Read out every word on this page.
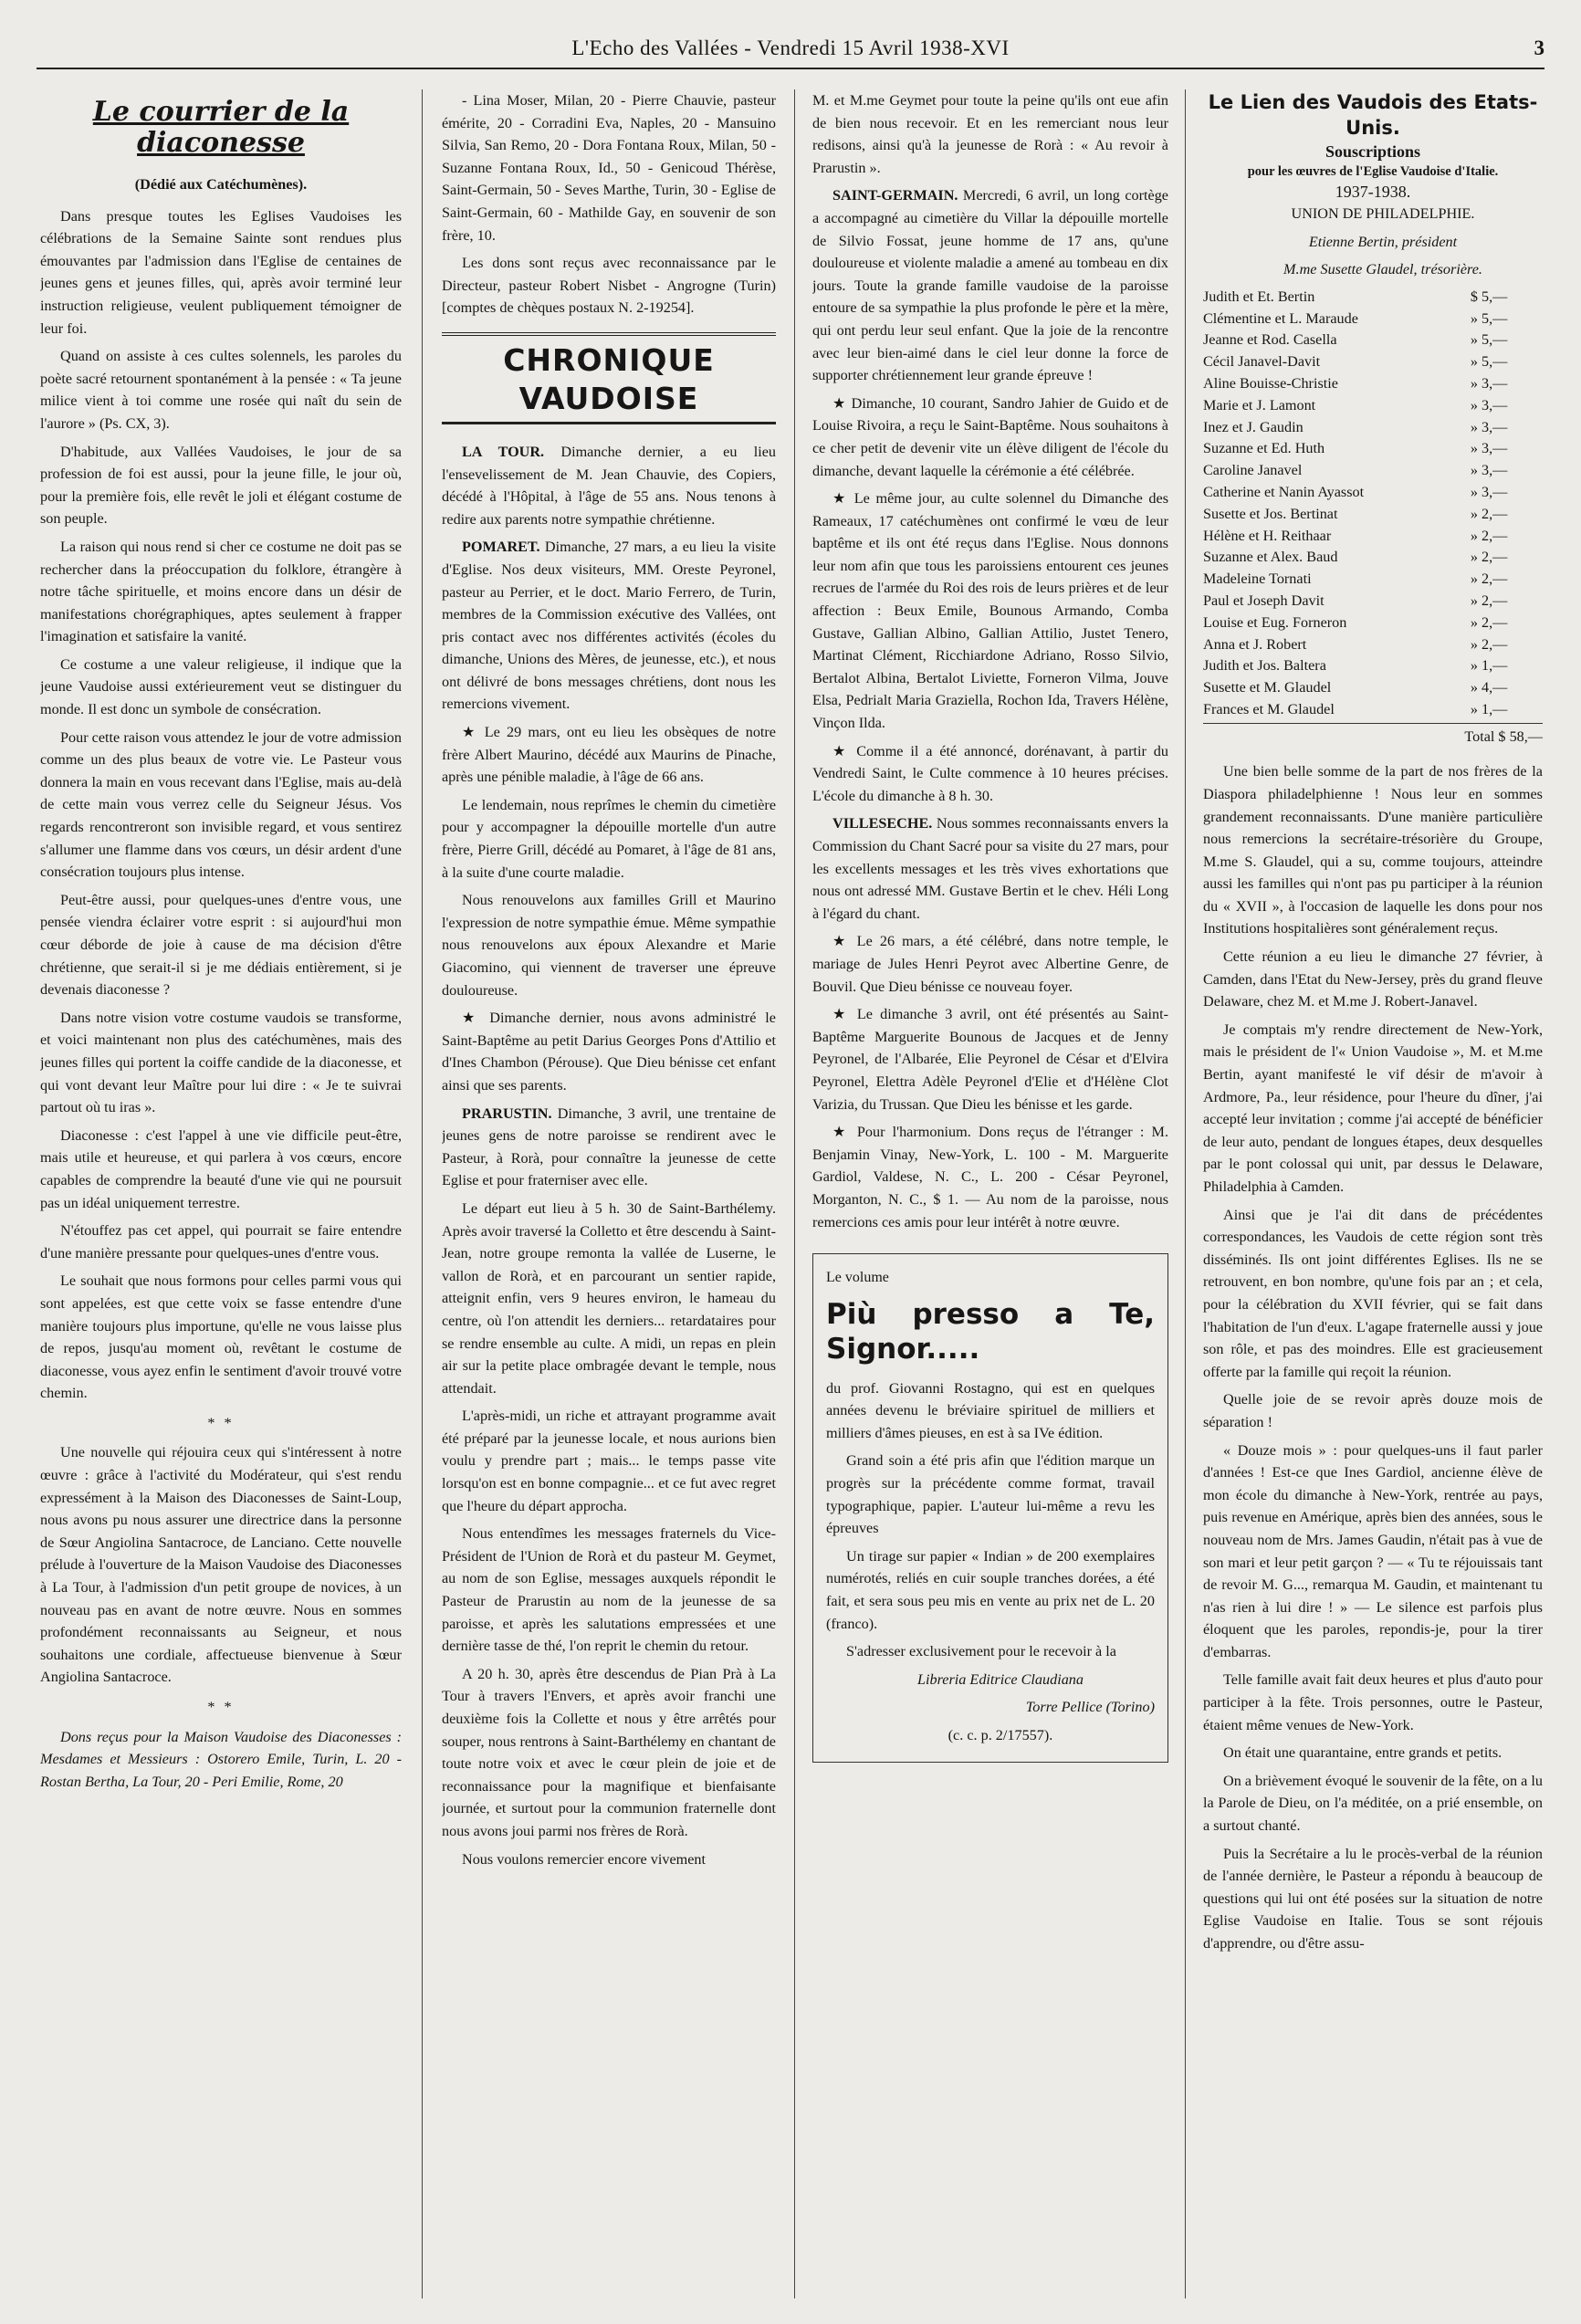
L'Echo des Vallées - Vendredi 15 Avril 1938-XVI	3
Le courrier de la diaconesse
(Dédié aux Catéchumènes).

Dans presque toutes les Eglises Vaudoises les célébrations de la Semaine Sainte sont rendues plus émouvantes par l'admission dans l'Eglise de centaines de jeunes gens et jeunes filles, qui, après avoir terminé leur instruction religieuse, veulent publiquement témoigner de leur foi.

Quand on assiste à ces cultes solennels, les paroles du poète sacré retournent spontanément à la pensée : « Ta jeune milice vient à toi comme une rosée qui naît du sein de l'aurore » (Ps. CX, 3).

D'habitude, aux Vallées Vaudoises, le jour de sa profession de foi est aussi, pour la jeune fille, le jour où, pour la première fois, elle revêt le joli et élégant costume de son peuple.

La raison qui nous rend si cher ce costume ne doit pas se rechercher dans la préoccupation du folklore, étrangère à notre tâche spirituelle, et moins encore dans un désir de manifestations chorégraphiques, aptes seulement à frapper l'imagination et satisfaire la vanité.

Ce costume a une valeur religieuse, il indique que la jeune Vaudoise aussi extérieurement veut se distinguer du monde. Il est donc un symbole de consécration.

Pour cette raison vous attendez le jour de votre admission comme un des plus beaux de votre vie. Le Pasteur vous donnera la main en vous recevant dans l'Eglise, mais au-delà de cette main vous verrez celle du Seigneur Jésus. Vos regards rencontreront son invisible regard, et vous sentirez s'allumer une flamme dans vos cœurs, un désir ardent d'une consécration toujours plus intense.

Peut-être aussi, pour quelques-unes d'entre vous, une pensée viendra éclairer votre esprit : si aujourd'hui mon cœur déborde de joie à cause de ma décision d'être chrétienne, que serait-il si je me dédiais entièrement, si je devenais diaconesse ?

Dans notre vision votre costume vaudois se transforme, et voici maintenant non plus des catéchumènes, mais des jeunes filles qui portent la coiffe candide de la diaconesse, et qui vont devant leur Maître pour lui dire : « Je te suivrai partout où tu iras ».

Diaconesse : c'est l'appel à une vie difficile peut-être, mais utile et heureuse, et qui parlera à vos cœurs, encore capables de comprendre la beauté d'une vie qui ne poursuit pas un idéal uniquement terrestre.

N'étouffez pas cet appel, qui pourrait se faire entendre d'une manière pressante pour quelques-unes d'entre vous.

Le souhait que nous formons pour celles parmi vous qui sont appelées, est que cette voix se fasse entendre d'une manière toujours plus importune, qu'elle ne vous laisse plus de repos, jusqu'au moment où, revêtant le costume de diaconesse, vous ayez enfin le sentiment d'avoir trouvé votre chemin.

* *

Une nouvelle qui réjouira ceux qui s'intéressent à notre œuvre : grâce à l'activité du Modérateur, qui s'est rendu expressément à la Maison des Diaconesses de Saint-Loup, nous avons pu nous assurer une directrice dans la personne de Sœur Angiolina Santacroce, de Lanciano. Cette nouvelle prélude à l'ouverture de la Maison Vaudoise des Diaconesses à La Tour, à l'admission d'un petit groupe de novices, à un nouveau pas en avant de notre œuvre. Nous en sommes profondément reconnaissants au Seigneur, et nous souhaitons une cordiale, affectueuse bienvenue à Sœur Angiolina Santacroce.

* *

Dons reçus pour la Maison Vaudoise des Diaconesses : Mesdames et Messieurs : Ostorero Emile, Turin, L. 20 - Rostan Bertha, La Tour, 20 - Peri Emilie, Rome, 20

- Lina Moser, Milan, 20 - Pierre Chauvie, pasteur émérite, 20 - Corradini Eva, Naples, 20 - Mansuino Silvia, San Remo, 20 - Dora Fontana Roux, Milan, 50 - Suzanne Fontana Roux, Id., 50 - Genicoud Thérèse, Saint-Germain, 50 - Seves Marthe, Turin, 30 - Eglise de Saint-Germain, 60 - Mathilde Gay, en souvenir de son frère, 10.

Les dons sont reçus avec reconnaissance par le Directeur, pasteur Robert Nisbet - Angrogne (Turin) [comptes de chèques postaux N. 2-19254].

CHRONIQUE VAUDOISE

LA TOUR. Dimanche dernier, a eu lieu l'ensevelissement de M. Jean Chauvie, des Copiers, décédé à l'Hôpital, à l'âge de 55 ans. Nous tenons à redire aux parents notre sympathie chrétienne.

POMARET. Dimanche, 27 mars, a eu lieu la visite d'Eglise. Nos deux visiteurs, MM. Oreste Peyronel, pasteur au Perrier, et le doct. Mario Ferrero, de Turin, membres de la Commission exécutive des Vallées, ont pris contact avec nos différentes activités (écoles du dimanche, Unions des Mères, de jeunesse, etc.), et nous ont délivré de bons messages chrétiens, dont nous les remercions vivement.

★ Le 29 mars, ont eu lieu les obsèques de notre frère Albert Maurino, décédé aux Maurins de Pinache, après une pénible maladie, à l'âge de 66 ans.

Le lendemain, nous reprîmes le chemin du cimetière pour y accompagner la dépouille mortelle d'un autre frère, Pierre Grill, décédé au Pomaret, à l'âge de 81 ans, à la suite d'une courte maladie.

Nous renouvelons aux familles Grill et Maurino l'expression de notre sympathie émue. Même sympathie nous renouvelons aux époux Alexandre et Marie Giacomino, qui viennent de traverser une épreuve douloureuse.

★ Dimanche dernier, nous avons administré le Saint-Baptême au petit Darius Georges Pons d'Attilio et d'Ines Chambon (Pérouse). Que Dieu bénisse cet enfant ainsi que ses parents.

PRARUSTIN. Dimanche, 3 avril, une trentaine de jeunes gens de notre paroisse se rendirent avec le Pasteur, à Rorà, pour connaître la jeunesse de cette Eglise et pour fraterniser avec elle.

Le départ eut lieu à 5 h. 30 de Saint-Barthélemy. Après avoir traversé la Colletto et être descendu à Saint-Jean, notre groupe remonta la vallée de Luserne, le vallon de Rorà, et en parcourant un sentier rapide, atteignit enfin, vers 9 heures environ, le hameau du centre, où l'on attendit les derniers... retardataires pour se rendre ensemble au culte. A midi, un repas en plein air sur la petite place ombragée devant le temple, nous attendait.

L'après-midi, un riche et attrayant programme avait été préparé par la jeunesse locale, et nous aurions bien voulu y prendre part ; mais... le temps passe vite lorsqu'on est en bonne compagnie... et ce fut avec regret que l'heure du départ approcha.

Nous entendîmes les messages fraternels du Vice-Président de l'Union de Rorà et du pasteur M. Geymet, au nom de son Eglise, messages auxquels répondit le Pasteur de Prarustin au nom de la jeunesse de sa paroisse, et après les salutations empressées et une dernière tasse de thé, l'on reprit le chemin du retour.

A 20 h. 30, après être descendus de Pian Prà à La Tour à travers l'Envers, et après avoir franchi une deuxième fois la Collette et nous y être arrêtés pour souper, nous rentrons à Saint-Barthélemy en chantant de toute notre voix et avec le cœur plein de joie et de reconnaissance pour la magnifique et bienfaisante journée, et surtout pour la communion fraternelle dont nous avons joui parmi nos frères de Rorà.

Nous voulons remercier encore vivement

M. et M.me Geymet pour toute la peine qu'ils ont eue afin de bien nous recevoir. Et en les remerciant nous leur redisons, ainsi qu'à la jeunesse de Rorà : « Au revoir à Prarustin ».

SAINT-GERMAIN. Mercredi, 6 avril, un long cortège a accompagné au cimetière du Villar la dépouille mortelle de Silvio Fossat, jeune homme de 17 ans, qu'une douloureuse et violente maladie a amené au tombeau en dix jours. Toute la grande famille vaudoise de la paroisse entoure de sa sympathie la plus profonde le père et la mère, qui ont perdu leur seul enfant. Que la joie de la rencontre avec leur bien-aimé dans le ciel leur donne la force de supporter chrétiennement leur grande épreuve !

★ Dimanche, 10 courant, Sandro Jahier de Guido et de Louise Rivoira, a reçu le Saint-Baptême. Nous souhaitons à ce cher petit de devenir vite un élève diligent de l'école du dimanche, devant laquelle la cérémonie a été célébrée.

★ Le même jour, au culte solennel du Dimanche des Rameaux, 17 catéchumènes ont confirmé le vœu de leur baptême et ils ont été reçus dans l'Eglise. Nous donnons leur nom afin que tous les paroissiens entourent ces jeunes recrues de l'armée du Roi des rois de leurs prières et de leur affection : Beux Emile, Bounous Armando, Comba Gustave, Gallian Albino, Gallian Attilio, Justet Tenero, Martinat Clément, Ricchiardone Adriano, Rosso Silvio, Bertalot Albina, Bertalot Liviette, Forneron Vilma, Jouve Elsa, Pedrialt Maria Graziella, Rochon Ida, Travers Hélène, Vinçon Ilda.

★ Comme il a été annoncé, dorénavant, à partir du Vendredi Saint, le Culte commence à 10 heures précises. L'école du dimanche à 8 h. 30.

VILLESECHE. Nous sommes reconnaissants envers la Commission du Chant Sacré pour sa visite du 27 mars, pour les excellents messages et les très vives exhortations que nous ont adressé MM. Gustave Bertin et le chev. Héli Long à l'égard du chant.

★ Le 26 mars, a été célébré, dans notre temple, le mariage de Jules Henri Peyrot avec Albertine Genre, de Bouvil. Que Dieu bénisse ce nouveau foyer.

★ Le dimanche 3 avril, ont été présentés au Saint-Baptême Marguerite Bounous de Jacques et de Jenny Peyronel, de l'Albarée, Elie Peyronel de César et d'Elvira Peyronel, Elettra Adèle Peyronel d'Elie et d'Hélène Clot Varizia, du Trussan. Que Dieu les bénisse et les garde.

★ Pour l'harmonium. Dons reçus de l'étranger : M. Benjamin Vinay, New-York, L. 100 - M. Marguerite Gardiol, Valdese, N. C., L. 200 - César Peyronel, Morganton, N. C., $ 1. — Au nom de la paroisse, nous remercions ces amis pour leur intérêt à notre œuvre.

Le volume
Più presso a Te, Signor.....

du prof. Giovanni Rostagno, qui est en quelques années devenu le bréviaire spirituel de milliers et milliers d'âmes pieuses, en est à sa IVe édition.

Grand soin a été pris afin que l'édition marque un progrès sur la précédente comme format, travail typographique, papier. L'auteur lui-même a revu les épreuves

Un tirage sur papier « Indian » de 200 exemplaires numérotés, reliés en cuir souple tranches dorées, a été fait, et sera sous peu mis en vente au prix net de L. 20 (franco).

S'adresser exclusivement pour le recevoir à la

Libreria Editrice Claudiana

Torre Pellice (Torino)

(c. c. p. 2/17557).

Le Lien des Vaudois des Etats-Unis.
Souscriptions
pour les œuvres de l'Eglise Vaudoise d'Italie.
1937-1938.

UNION DE PHILADELPHIE.

Etienne Bertin, président

M.me Susette Glaudel, trésorière.

Judith et Et. Bertin	$	5,—
Clémentine et L. Maraude	»	5,—
Jeanne et Rod. Casella	»	5,—
Cécil Janavel-Davit	»	5,—
Aline Bouisse-Christie	»	3,—
Marie et J. Lamont	»	3,—
Inez et J. Gaudin	»	3,—
Suzanne et Ed. Huth	»	3,—
Caroline Janavel	»	3,—
Catherine et Nanin Ayassot	»	3,—
Susette et Jos. Bertinat	»	2,—
Hélène et H. Reithaar	»	2,—
Suzanne et Alex. Baud	»	2,—
Madeleine Tornati	»	2,—
Paul et Joseph Davit	»	2,—
Louise et Eug. Forneron	»	2,—
Anna et J. Robert	»	2,—
Judith et Jos. Baltera	»	1,—
Susette et M. Glaudel	»	4,—
Frances et M. Glaudel	»	1,—
Total $ 58,—

Une bien belle somme de la part de nos frères de la Diaspora philadelphienne ! Nous leur en sommes grandement reconnaissants. D'une manière particulière nous remercions la secrétaire-trésorière du Groupe, M.me S. Glaudel, qui a su, comme toujours, atteindre aussi les familles qui n'ont pas pu participer à la réunion du « XVII », à l'occasion de laquelle les dons pour nos Institutions hospitalières sont généralement reçus.

Cette réunion a eu lieu le dimanche 27 février, à Camden, dans l'Etat du New-Jersey, près du grand fleuve Delaware, chez M. et M.me J. Robert-Janavel.

Je comptais m'y rendre directement de New-York, mais le président de l'« Union Vaudoise », M. et M.me Bertin, ayant manifesté le vif désir de m'avoir à Ardmore, Pa., leur résidence, pour l'heure du dîner, j'ai accepté leur invitation ; comme j'ai accepté de bénéficier de leur auto, pendant de longues étapes, deux desquelles par le pont colossal qui unit, par dessus le Delaware, Philadelphia à Camden.

Ainsi que je l'ai dit dans de précédentes correspondances, les Vaudois de cette région sont très disséminés. Ils ont joint différentes Eglises. Ils ne se retrouvent, en bon nombre, qu'une fois par an ; et cela, pour la célébration du XVII février, qui se fait dans l'habitation de l'un d'eux. L'agape fraternelle aussi y joue son rôle, et pas des moindres. Elle est gracieusement offerte par la famille qui reçoit la réunion.

Quelle joie de se revoir après douze mois de séparation !

« Douze mois » : pour quelques-uns il faut parler d'années ! Est-ce que Ines Gardiol, ancienne élève de mon école du dimanche à New-York, rentrée au pays, puis revenue en Amérique, après bien des années, sous le nouveau nom de Mrs. James Gaudin, n'était pas à vue de son mari et leur petit garçon ? — « Tu te réjouissais tant de revoir M. G..., remarqua M. Gaudin, et maintenant tu n'as rien à lui dire ! » — Le silence est parfois plus éloquent que les paroles, repondis-je, pour la tirer d'embarras.

Telle famille avait fait deux heures et plus d'auto pour participer à la fête. Trois personnes, outre le Pasteur, étaient même venues de New-York.

On était une quarantaine, entre grands et petits.

On a brièvement évoqué le souvenir de la fête, on a lu la Parole de Dieu, on l'a méditée, on a prié ensemble, on a surtout chanté.

Puis la Secrétaire a lu le procès-verbal de la réunion de l'année dernière, le Pasteur a répondu à beaucoup de questions qui lui ont été posées sur la situation de notre Eglise Vaudoise en Italie. Tous se sont réjouis d'apprendre, ou d'être assu-
